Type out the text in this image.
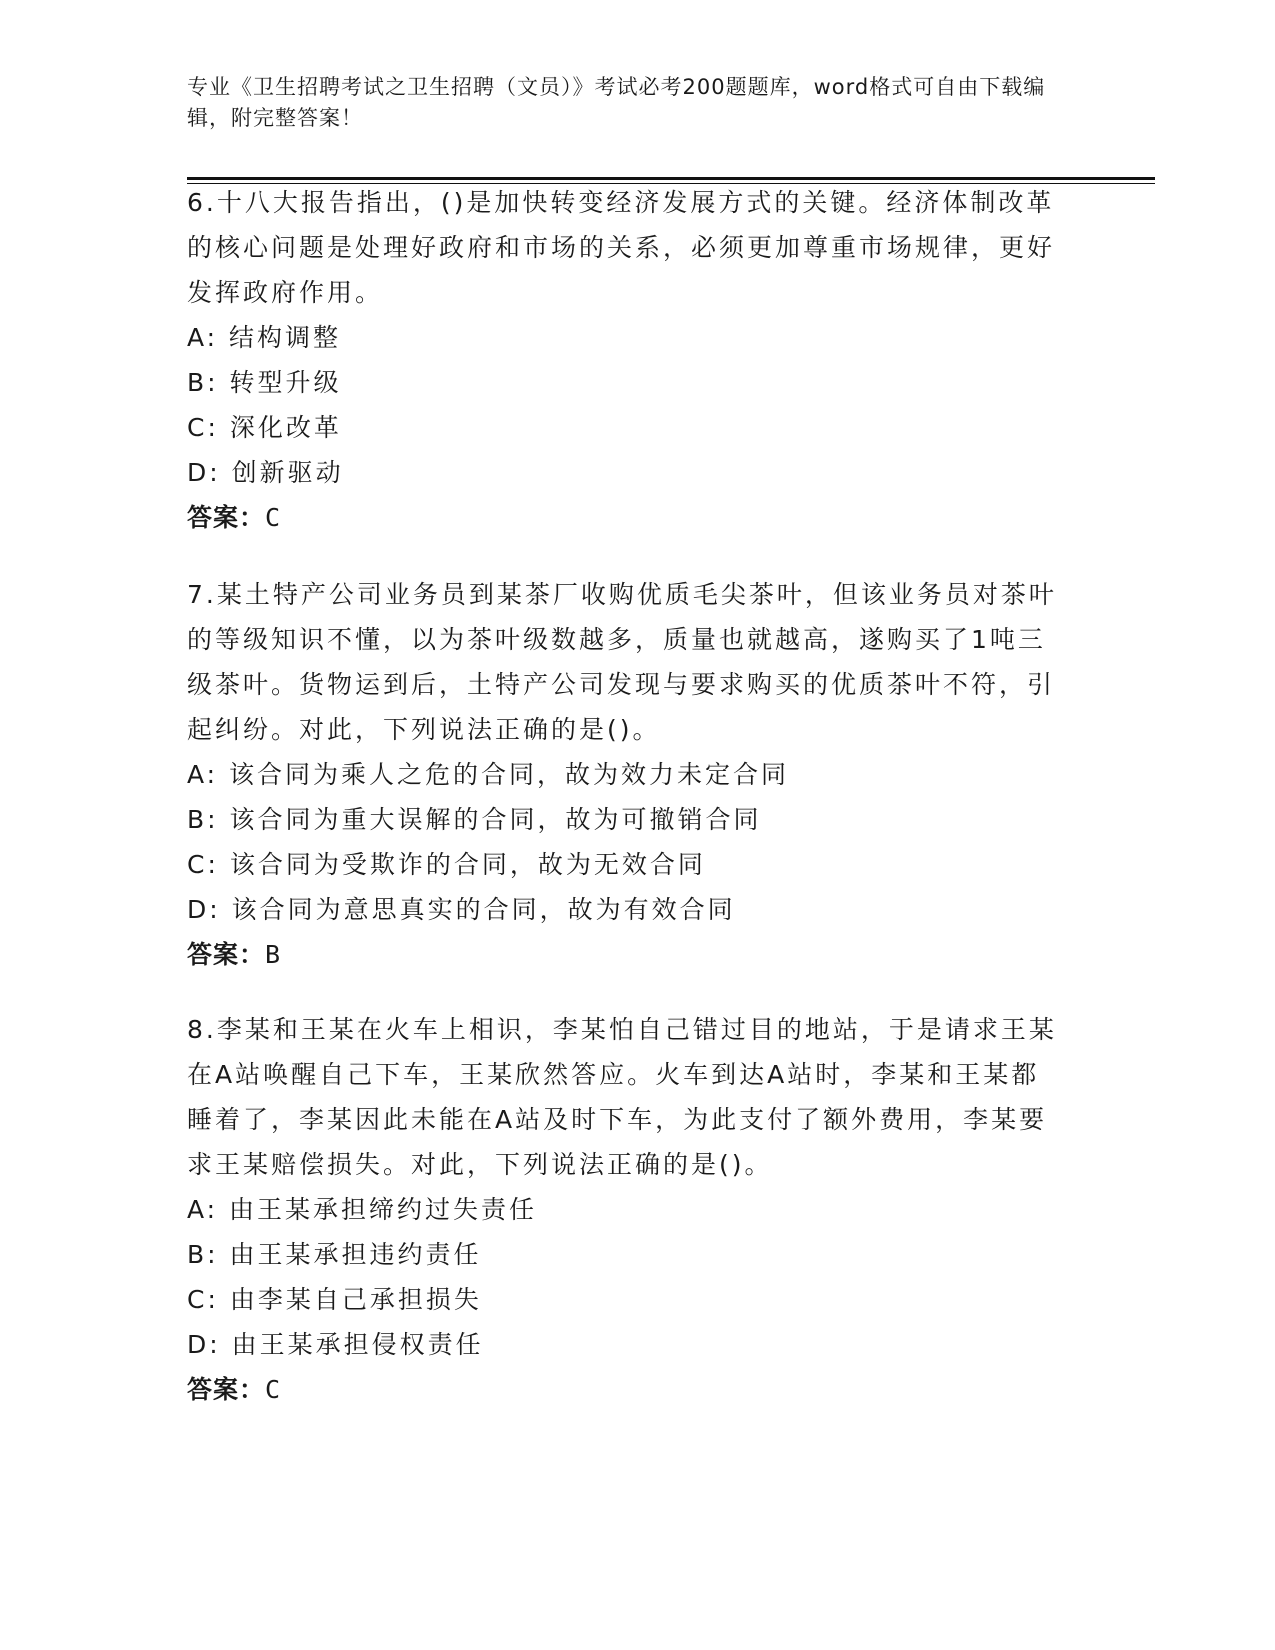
专业《卫生招聘考试之卫生招聘（文员）》考试必考200题题库，word格式可自由下载编辑，附完整答案！

6.十八大报告指出，()是加快转变经济发展方式的关键。经济体制改革的核心问题是处理好政府和市场的关系，必须更加尊重市场规律，更好发挥政府作用。

A: 结构调整

B: 转型升级

C: 深化改革

D: 创新驱动

答案：C

7.某土特产公司业务员到某茶厂收购优质毛尖茶叶，但该业务员对茶叶的等级知识不懂，以为茶叶级数越多，质量也就越高，遂购买了1吨三级茶叶。货物运到后，土特产公司发现与要求购买的优质茶叶不符，引起纠纷。对此，下列说法正确的是()。

A: 该合同为乘人之危的合同，故为效力未定合同

B: 该合同为重大误解的合同，故为可撤销合同

C: 该合同为受欺诈的合同，故为无效合同

D: 该合同为意思真实的合同，故为有效合同

答案：B

8.李某和王某在火车上相识，李某怕自己错过目的地站，于是请求王某在A站唤醒自己下车，王某欣然答应。火车到达A站时，李某和王某都睡着了，李某因此未能在A站及时下车，为此支付了额外费用，李某要求王某赔偿损失。对此，下列说法正确的是()。

A: 由王某承担缔约过失责任

B: 由王某承担违约责任

C: 由李某自己承担损失

D: 由王某承担侵权责任

答案：C
